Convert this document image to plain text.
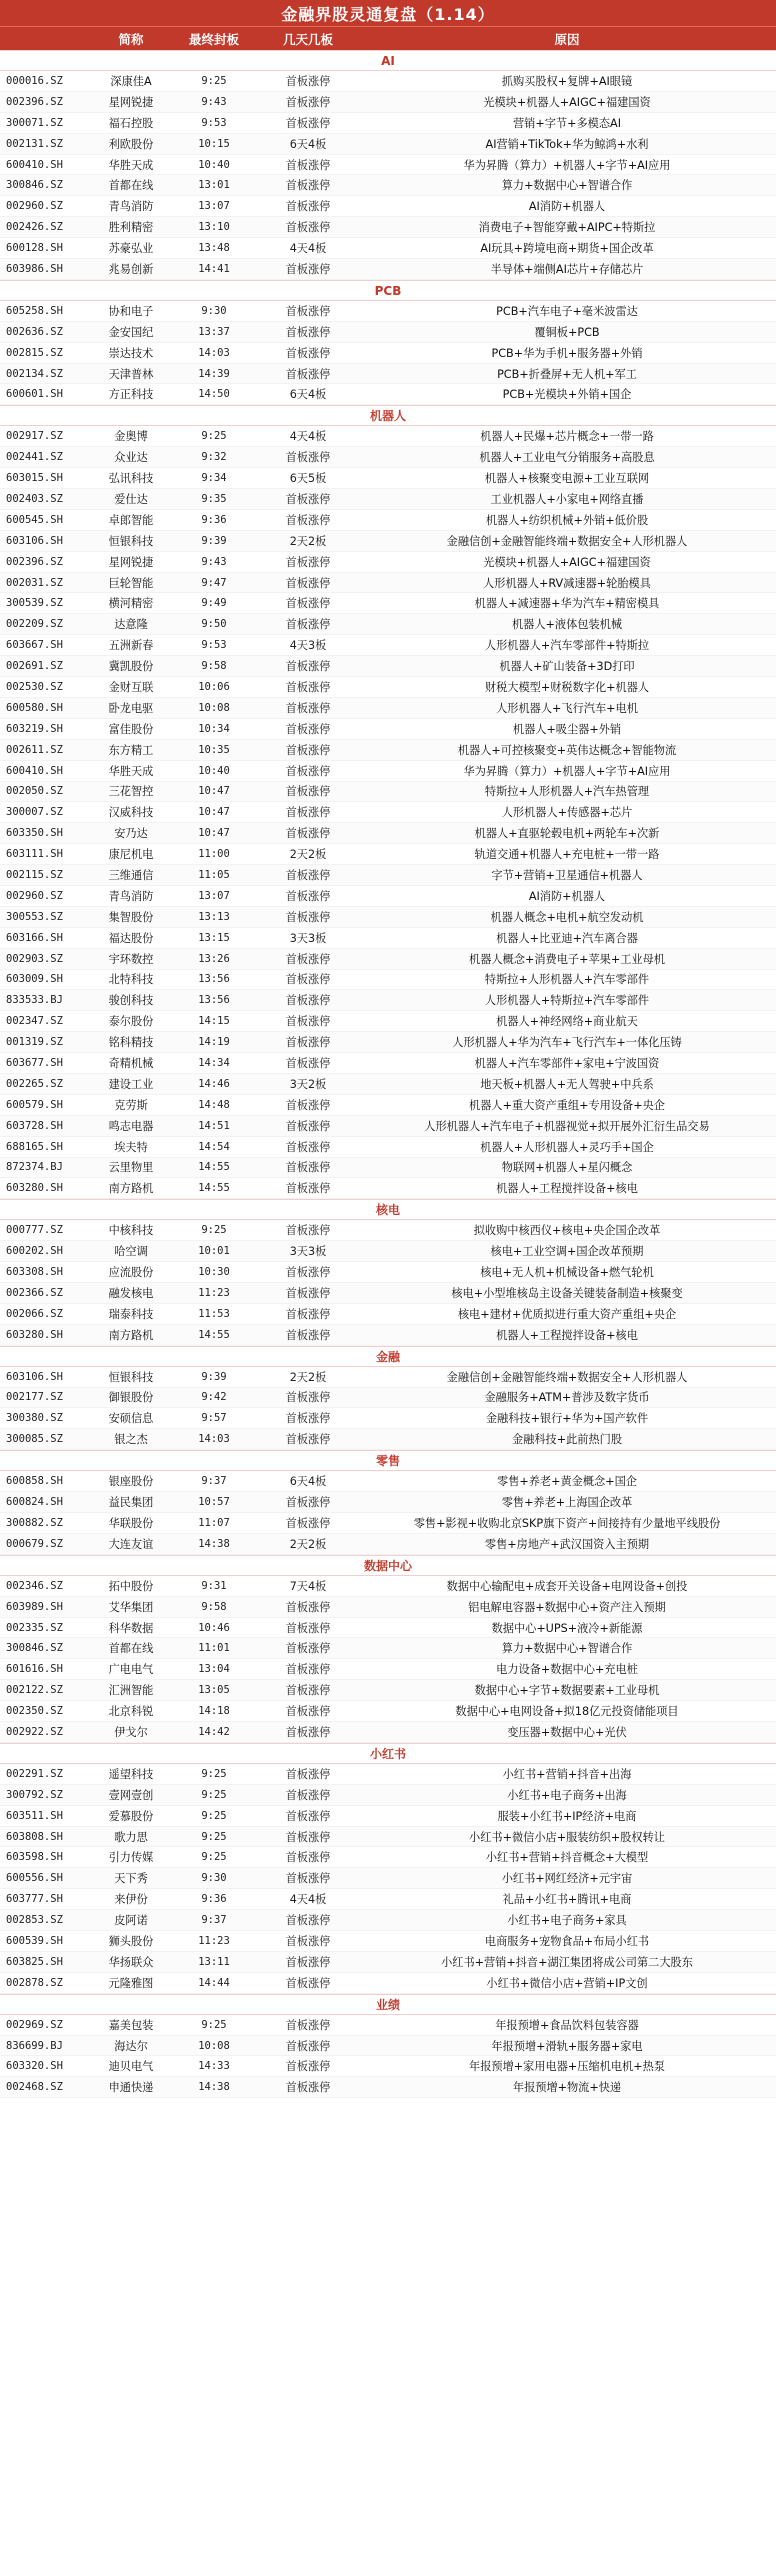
金融界股灵通复盘（1.14）
简称	最终封板	几天几板	原因
AI
000016.SZ	深康佳A	9:25	首板涨停	抓购买股权+复牌+AI眼镜
002396.SZ	星网锐捷	9:43	首板涨停	光模块+机器人+AIGC+福建国资
300071.SZ	福石控股	9:53	首板涨停	营销+字节+多模态AI
002131.SZ	利欧股份	10:15	6天4板	AI营销+TikTok+华为鲸鸿+水利
600410.SH	华胜天成	10:40	首板涨停	华为昇腾（算力）+机器人+字节+AI应用
300846.SZ	首都在线	13:01	首板涨停	算力+数据中心+智谱合作
002960.SZ	青鸟消防	13:07	首板涨停	AI消防+机器人
002426.SZ	胜利精密	13:10	首板涨停	消费电子+智能穿戴+AIPC+特斯拉
600128.SH	苏豪弘业	13:48	4天4板	AI玩具+跨境电商+期货+国企改革
603986.SH	兆易创新	14:41	首板涨停	半导体+端侧AI芯片+存储芯片
PCB
605258.SH	协和电子	9:30	首板涨停	PCB+汽车电子+毫米波雷达
002636.SZ	金安国纪	13:37	首板涨停	覆铜板+PCB
002815.SZ	崇达技术	14:03	首板涨停	PCB+华为手机+服务器+外销
002134.SZ	天津普林	14:39	首板涨停	PCB+折叠屏+无人机+军工
600601.SH	方正科技	14:50	6天4板	PCB+光模块+外销+国企
机器人
002917.SZ	金奥博	9:25	4天4板	机器人+民爆+芯片概念+一带一路
002441.SZ	众业达	9:32	首板涨停	机器人+工业电气分销服务+高股息
603015.SH	弘讯科技	9:34	6天5板	机器人+核聚变电源+工业互联网
002403.SZ	爱仕达	9:35	首板涨停	工业机器人+小家电+网络直播
600545.SH	卓郎智能	9:36	首板涨停	机器人+纺织机械+外销+低价股
603106.SH	恒银科技	9:39	2天2板	金融信创+金融智能终端+数据安全+人形机器人
002396.SZ	星网锐捷	9:43	首板涨停	光模块+机器人+AIGC+福建国资
002031.SZ	巨轮智能	9:47	首板涨停	人形机器人+RV减速器+轮胎模具
300539.SZ	横河精密	9:49	首板涨停	机器人+减速器+华为汽车+精密模具
002209.SZ	达意隆	9:50	首板涨停	机器人+液体包装机械
603667.SH	五洲新春	9:53	4天3板	人形机器人+汽车零部件+特斯拉
002691.SZ	冀凯股份	9:58	首板涨停	机器人+矿山装备+3D打印
002530.SZ	金财互联	10:06	首板涨停	财税大模型+财税数字化+机器人
600580.SH	卧龙电驱	10:08	首板涨停	人形机器人+飞行汽车+电机
603219.SH	富佳股份	10:34	首板涨停	机器人+吸尘器+外销
002611.SZ	东方精工	10:35	首板涨停	机器人+可控核聚变+英伟达概念+智能物流
600410.SH	华胜天成	10:40	首板涨停	华为昇腾（算力）+机器人+字节+AI应用
002050.SZ	三花智控	10:47	首板涨停	特斯拉+人形机器人+汽车热管理
300007.SZ	汉威科技	10:47	首板涨停	人形机器人+传感器+芯片
603350.SH	安乃达	10:47	首板涨停	机器人+直驱轮毂电机+两轮车+次新
603111.SH	康尼机电	11:00	2天2板	轨道交通+机器人+充电桩+一带一路
002115.SZ	三维通信	11:05	首板涨停	字节+营销+卫星通信+机器人
002960.SZ	青鸟消防	13:07	首板涨停	AI消防+机器人
300553.SZ	集智股份	13:13	首板涨停	机器人概念+电机+航空发动机
603166.SH	福达股份	13:15	3天3板	机器人+比亚迪+汽车离合器
002903.SZ	宇环数控	13:26	首板涨停	机器人概念+消费电子+苹果+工业母机
603009.SH	北特科技	13:56	首板涨停	特斯拉+人形机器人+汽车零部件
833533.BJ	骏创科技	13:56	首板涨停	人形机器人+特斯拉+汽车零部件
002347.SZ	泰尔股份	14:15	首板涨停	机器人+神经网络+商业航天
001319.SZ	铭科精技	14:19	首板涨停	人形机器人+华为汽车+飞行汽车+一体化压铸
603677.SH	奇精机械	14:34	首板涨停	机器人+汽车零部件+家电+宁波国资
002265.SZ	建设工业	14:46	3天2板	地天板+机器人+无人驾驶+中兵系
600579.SH	克劳斯	14:48	首板涨停	机器人+重大资产重组+专用设备+央企
603728.SH	鸣志电器	14:51	首板涨停	人形机器人+汽车电子+机器视觉+拟开展外汇衍生品交易
688165.SH	埃夫特	14:54	首板涨停	机器人+人形机器人+灵巧手+国企
872374.BJ	云里物里	14:55	首板涨停	物联网+机器人+星闪概念
603280.SH	南方路机	14:55	首板涨停	机器人+工程搅拌设备+核电
核电
000777.SZ	中核科技	9:25	首板涨停	拟收购中核西仪+核电+央企国企改革
600202.SH	哈空调	10:01	3天3板	核电+工业空调+国企改革预期
603308.SH	应流股份	10:30	首板涨停	核电+无人机+机械设备+燃气轮机
002366.SZ	融发核电	11:23	首板涨停	核电+小型堆核岛主设备关键装备制造+核聚变
002066.SZ	瑞泰科技	11:53	首板涨停	核电+建材+优质拟进行重大资产重组+央企
603280.SH	南方路机	14:55	首板涨停	机器人+工程搅拌设备+核电
金融
603106.SH	恒银科技	9:39	2天2板	金融信创+金融智能终端+数据安全+人形机器人
002177.SZ	御银股份	9:42	首板涨停	金融服务+ATM+普涉及数字货币
300380.SZ	安硕信息	9:57	首板涨停	金融科技+银行+华为+国产软件
300085.SZ	银之杰	14:03	首板涨停	金融科技+此前热门股
零售
600858.SH	银座股份	9:37	6天4板	零售+养老+黄金概念+国企
600824.SH	益民集团	10:57	首板涨停	零售+养老+上海国企改革
300882.SZ	华联股份	11:07	首板涨停	零售+影视+收购北京SKP旗下资产+间接持有少量地平线股份
000679.SZ	大连友谊	14:38	2天2板	零售+房地产+武汉国资入主预期
数据中心
002346.SZ	拓中股份	9:31	7天4板	数据中心输配电+成套开关设备+电网设备+创投
603989.SH	艾华集团	9:58	首板涨停	铝电解电容器+数据中心+资产注入预期
002335.SZ	科华数据	10:46	首板涨停	数据中心+UPS+液冷+新能源
300846.SZ	首都在线	11:01	首板涨停	算力+数据中心+智谱合作
601616.SH	广电电气	13:04	首板涨停	电力设备+数据中心+充电桩
002122.SZ	汇洲智能	13:05	首板涨停	数据中心+字节+数据要素+工业母机
002350.SZ	北京科锐	14:18	首板涨停	数据中心+电网设备+拟18亿元投资储能项目
002922.SZ	伊戈尔	14:42	首板涨停	变压器+数据中心+光伏
小红书
002291.SZ	遥望科技	9:25	首板涨停	小红书+营销+抖音+出海
300792.SZ	壹网壹创	9:25	首板涨停	小红书+电子商务+出海
603511.SH	爱慕股份	9:25	首板涨停	服装+小红书+IP经济+电商
603808.SH	歌力思	9:25	首板涨停	小红书+微信小店+服装纺织+股权转让
603598.SH	引力传媒	9:25	首板涨停	小红书+营销+抖音概念+大模型
600556.SH	天下秀	9:30	首板涨停	小红书+网红经济+元宇宙
603777.SH	来伊份	9:36	4天4板	礼品+小红书+腾讯+电商
002853.SZ	皮阿诺	9:37	首板涨停	小红书+电子商务+家具
600539.SH	狮头股份	11:23	首板涨停	电商服务+宠物食品+布局小红书
603825.SH	华扬联众	13:11	首板涨停	小红书+营销+抖音+湖江集团将成公司第二大股东
002878.SZ	元隆雅图	14:44	首板涨停	小红书+微信小店+营销+IP文创
业绩
002969.SZ	嘉美包装	9:25	首板涨停	年报预增+食品饮料包装容器
836699.BJ	海达尔	10:08	首板涨停	年报预增+滑轨+服务器+家电
603320.SH	迪贝电气	14:33	首板涨停	年报预增+家用电器+压缩机电机+热泵
002468.SZ	申通快递	14:38	首板涨停	年报预增+物流+快递
